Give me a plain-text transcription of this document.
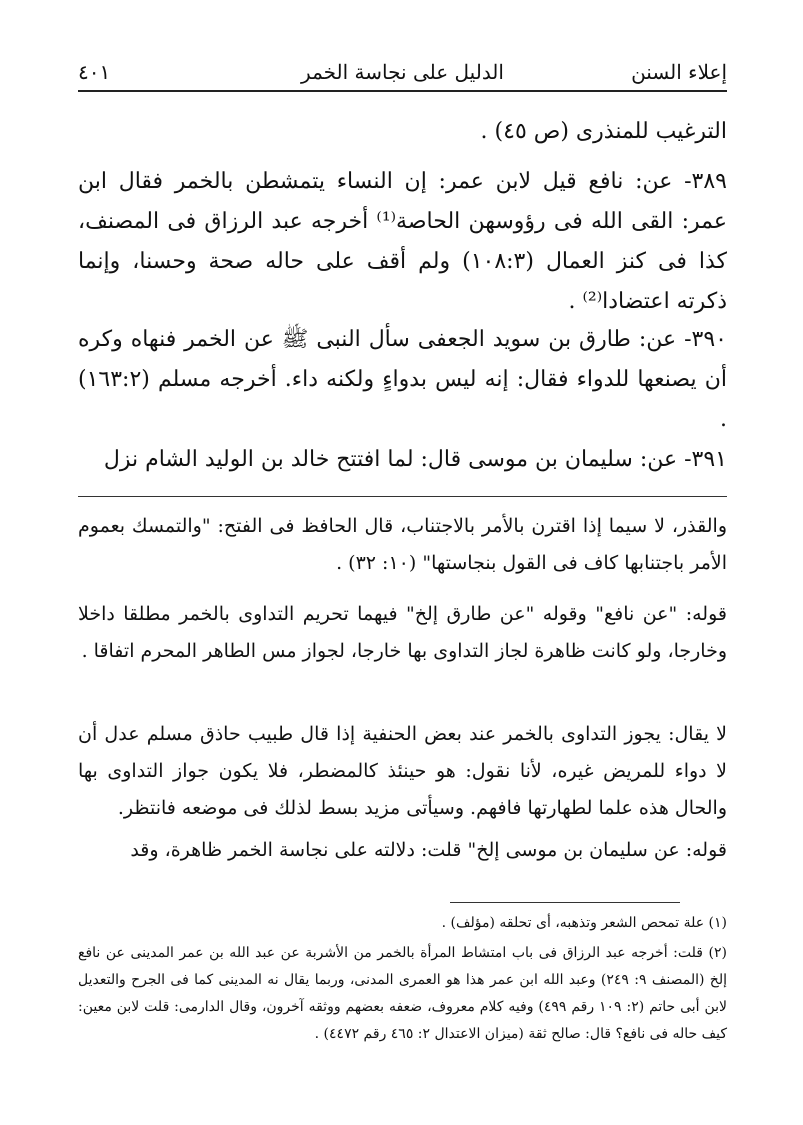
إعلاء السنن
الدليل على نجاسة الخمر
٤٠١

الترغيب للمنذرى (ص ٤٥) .

٣٨٩- عن: نافع قيل لابن عمر: إن النساء يتمشطن بالخمر فقال ابن عمر: القى الله فى رؤوسهن الحاصة⁽¹⁾ أخرجه عبد الرزاق فى المصنف، كذا فى كنز العمال (١٠٨:٣) ولم أقف على حاله صحة وحسنا، وإنما ذكرته اعتضادا⁽²⁾ .

٣٩٠- عن: طارق بن سويد الجعفى سأل النبى ﷺ عن الخمر فنهاه وكره أن يصنعها للدواء فقال: إنه ليس بدواءٍ ولكنه داء. أخرجه مسلم (١٦٣:٢) .

٣٩١- عن: سليمان بن موسى قال: لما افتتح خالد بن الوليد الشام نزل

والقذر، لا سيما إذا اقترن بالأمر بالاجتناب، قال الحافظ فى الفتح: "والتمسك بعموم الأمر باجتنابها كاف فى القول بنجاستها" (١٠: ٣٢) .

قوله: "عن نافع" وقوله "عن طارق إلخ" فيهما تحريم التداوى بالخمر مطلقا داخلا وخارجا، ولو كانت ظاهرة لجاز التداوى بها خارجا، لجواز مس الطاهر المحرم اتفاقا .

لا يقال: يجوز التداوى بالخمر عند بعض الحنفية إذا قال طبيب حاذق مسلم عدل أن لا دواء للمريض غيره، لأنا نقول: هو حينئذ كالمضطر، فلا يكون جواز التداوى بها والحال هذه علما لطهارتها فافهم. وسيأتى مزيد بسط لذلك فى موضعه فانتظر.

قوله: عن سليمان بن موسى إلخ" قلت: دلالته على نجاسة الخمر ظاهرة، وقد

(١) علة تمحص الشعر وتذهبه، أى تحلقه (مؤلف) .

(٢) قلت: أخرجه عبد الرزاق فى باب امتشاط المرأة بالخمر من الأشربة عن عبد الله بن عمر المدينى عن نافع إلخ (المصنف ٩: ٢٤٩) وعبد الله ابن عمر هذا هو العمرى المدنى، وربما يقال نه المدينى كما فى الجرح والتعديل لابن أبى حاتم (٢: ١٠٩ رقم ٤٩٩) وفيه كلام معروف، ضعفه بعضهم ووثقه آخرون، وقال الدارمى: قلت لابن معين: كيف حاله فى نافع؟ قال: صالح ثقة (ميزان الاعتدال ٢: ٤٦٥ رقم ٤٤٧٢) .
